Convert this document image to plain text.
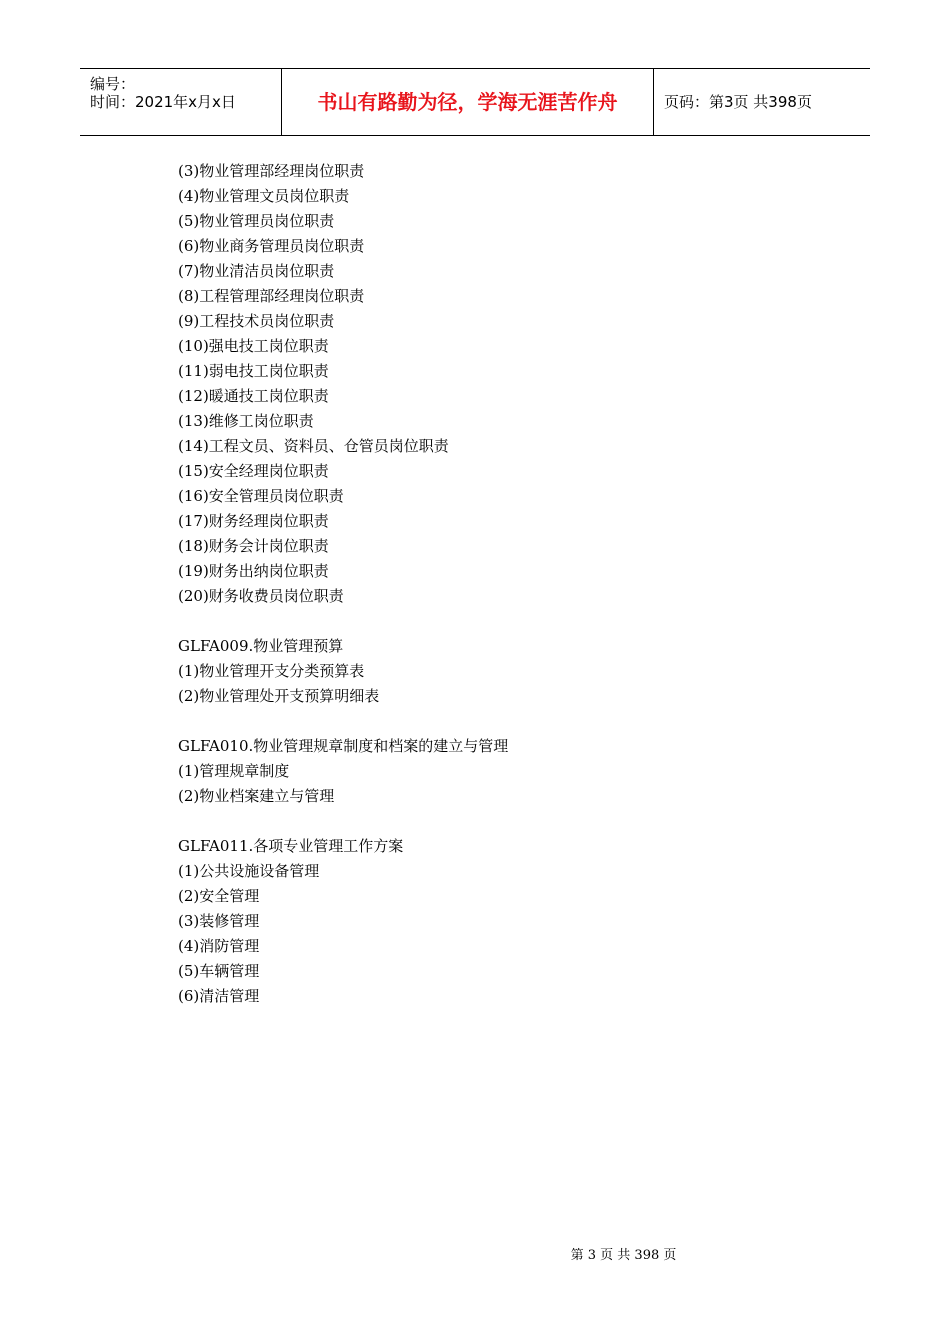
编号：
时间：2021年x月x日	书山有路勤为径，学海无涯苦作舟	页码：第3页 共398页
(3)物业管理部经理岗位职责
(4)物业管理文员岗位职责
(5)物业管理员岗位职责
(6)物业商务管理员岗位职责
(7)物业清洁员岗位职责
(8)工程管理部经理岗位职责
(9)工程技术员岗位职责
(10)强电技工岗位职责
(11)弱电技工岗位职责
(12)暖通技工岗位职责
(13)维修工岗位职责
(14)工程文员、资料员、仓管员岗位职责
(15)安全经理岗位职责
(16)安全管理员岗位职责
(17)财务经理岗位职责
(18)财务会计岗位职责
(19)财务出纳岗位职责
(20)财务收费员岗位职责
GLFA009.物业管理预算
(1)物业管理开支分类预算表
(2)物业管理处开支预算明细表
GLFA010.物业管理规章制度和档案的建立与管理
(1)管理规章制度
(2)物业档案建立与管理
GLFA011.各项专业管理工作方案
(1)公共设施设备管理
(2)安全管理
(3)装修管理
(4)消防管理
(5)车辆管理
(6)清洁管理
第 3 页 共 398 页
